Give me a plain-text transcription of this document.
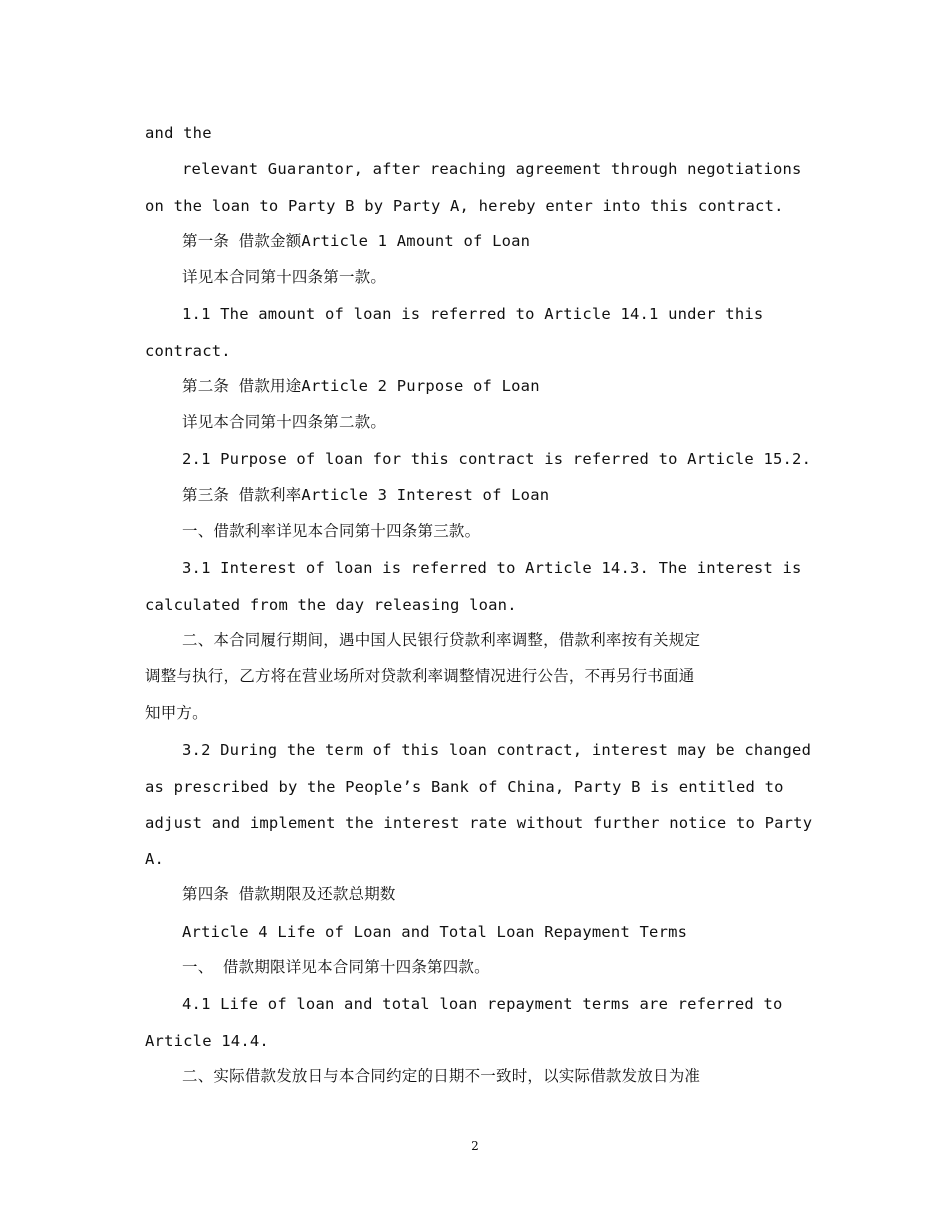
and the
relevant Guarantor, after reaching agreement through negotiations
on the loan to Party B by Party A, hereby enter into this contract.
第一条 借款金额Article 1 Amount of Loan
详见本合同第十四条第一款。
1.1 The amount of loan is referred to Article 14.1 under this
contract.
第二条 借款用途Article 2 Purpose of Loan
详见本合同第十四条第二款。
2.1 Purpose of loan for this contract is referred to Article 15.2.
第三条 借款利率Article 3 Interest of Loan
一、借款利率详见本合同第十四条第三款。
3.1 Interest of loan is referred to Article 14.3. The interest is
calculated from the day releasing loan.
二、本合同履行期间，遇中国人民银行贷款利率调整，借款利率按有关规定
调整与执行，乙方将在营业场所对贷款利率调整情况进行公告，不再另行书面通
知甲方。
3.2 During the term of this loan contract, interest may be changed
as prescribed by the People’s Bank of China, Party B is entitled to
adjust and implement the interest rate without further notice to Party
A.
第四条 借款期限及还款总期数
Article 4 Life of Loan and Total Loan Repayment Terms
一、 借款期限详见本合同第十四条第四款。
4.1 Life of loan and total loan repayment terms are referred to
Article 14.4.
二、实际借款发放日与本合同约定的日期不一致时，以实际借款发放日为准
2
